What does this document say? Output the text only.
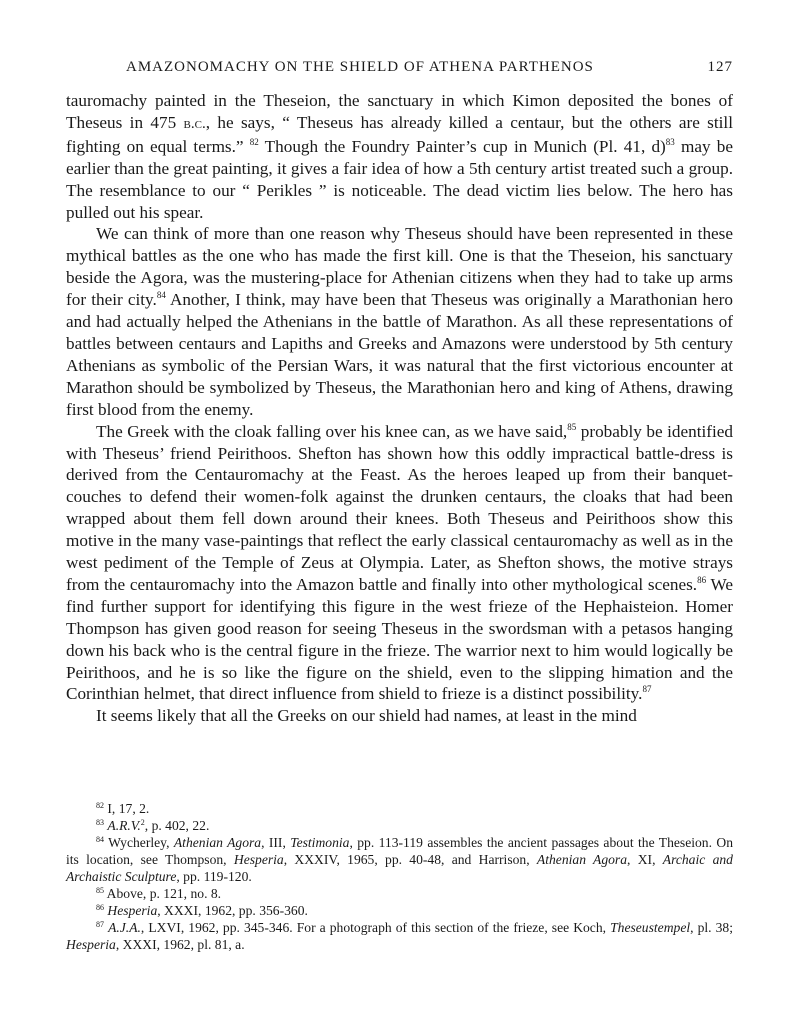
AMAZONOMACHY ON THE SHIELD OF ATHENA PARTHENOS	127

tauromachy painted in the Theseion, the sanctuary in which Kimon deposited the bones of Theseus in 475 b.c., he says, “ Theseus has already killed a centaur, but the others are still fighting on equal terms.” $^{82}$ Though the Foundry Painter’s cup in Munich (Pl. 41, d)$^{83}$ may be earlier than the great painting, it gives a fair idea of how a 5th century artist treated such a group. The resemblance to our “ Perikles ” is noticeable. The dead victim lies below. The hero has pulled out his spear.

We can think of more than one reason why Theseus should have been represented in these mythical battles as the one who has made the first kill. One is that the Theseion, his sanctuary beside the Agora, was the mustering-place for Athenian citizens when they had to take up arms for their city.$^{84}$ Another, I think, may have been that Theseus was originally a Marathonian hero and had actually helped the Athenians in the battle of Marathon. As all these representations of battles between centaurs and Lapiths and Greeks and Amazons were understood by 5th century Athenians as symbolic of the Persian Wars, it was natural that the first victorious encounter at Marathon should be symbolized by Theseus, the Marathonian hero and king of Athens, drawing first blood from the enemy.

The Greek with the cloak falling over his knee can, as we have said,$^{85}$ probably be identified with Theseus’ friend Peirithoos. Shefton has shown how this oddly impractical battle-dress is derived from the Centauromachy at the Feast. As the heroes leaped up from their banquet-couches to defend their women-folk against the drunken centaurs, the cloaks that had been wrapped about them fell down around their knees. Both Theseus and Peirithoos show this motive in the many vase-paintings that reflect the early classical centauromachy as well as in the west pediment of the Temple of Zeus at Olympia. Later, as Shefton shows, the motive strays from the centauromachy into the Amazon battle and finally into other mythological scenes.$^{86}$ We find further support for identifying this figure in the west frieze of the Hephaisteion. Homer Thompson has given good reason for seeing Theseus in the swordsman with a petasos hanging down his back who is the central figure in the frieze. The warrior next to him would logically be Peirithoos, and he is so like the figure on the shield, even to the slipping himation and the Corinthian helmet, that direct influence from shield to frieze is a distinct possibility.$^{87}$

It seems likely that all the Greeks on our shield had names, at least in the mind

$^{82}$ I, 17, 2.

$^{83}$ A.R.V.$^2$, p. 402, 22.

$^{84}$ Wycherley, Athenian Agora, III, Testimonia, pp. 113-119 assembles the ancient passages about the Theseion. On its location, see Thompson, Hesperia, XXXIV, 1965, pp. 40-48, and Harrison, Athenian Agora, XI, Archaic and Archaistic Sculpture, pp. 119-120.

$^{85}$ Above, p. 121, no. 8.

$^{86}$ Hesperia, XXXI, 1962, pp. 356-360.

$^{87}$ A.J.A., LXVI, 1962, pp. 345-346. For a photograph of this section of the frieze, see Koch, Theseustempel, pl. 38; Hesperia, XXXI, 1962, pl. 81, a.
